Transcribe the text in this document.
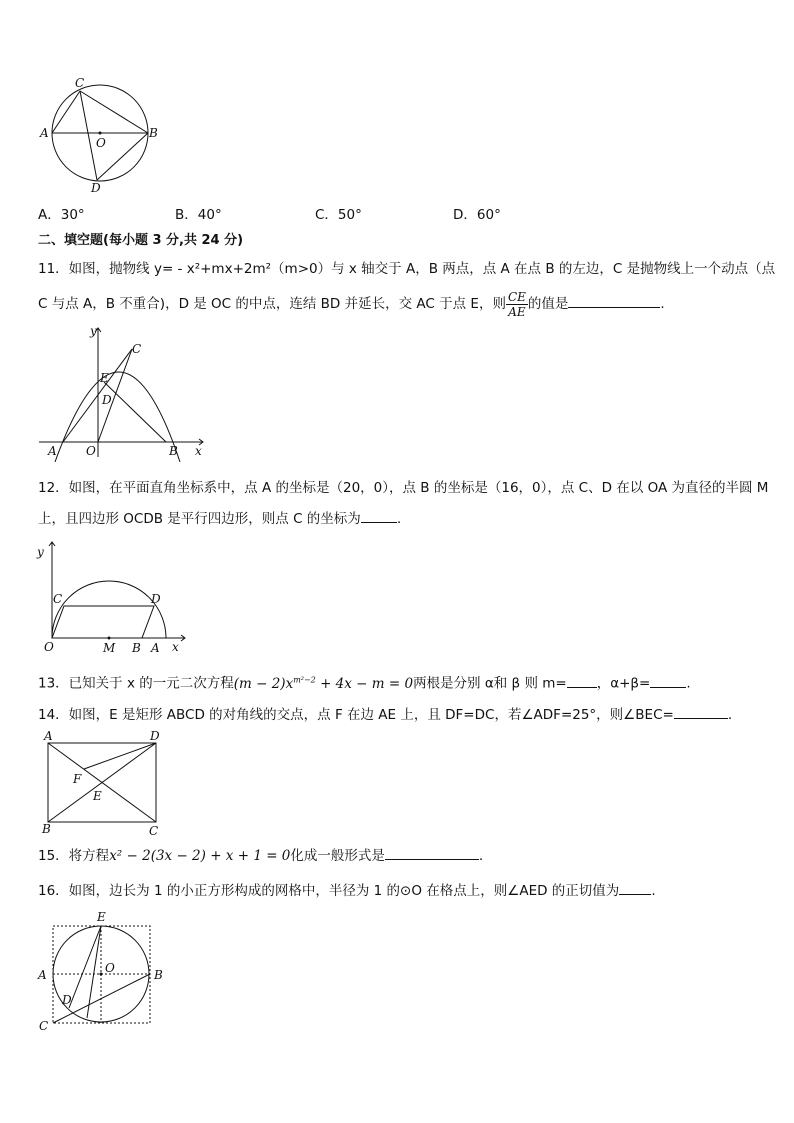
C
A	B
O
D
A．30°	B．40°	C．50°	D．60°
二、填空题(每小题 3 分,共 24 分)
11．如图，抛物线 y= - x²+mx+2m²（m>0）与 x 轴交于 A，B 两点，点 A 在点 B 的左边，C 是抛物线上一个动点（点
C 与点 A，B 不重合)，D 是 OC 的中点，连结 BD 并延长，交 AC 于点 E，则 $\frac{CE}{AE}$ 的值是	.
y
x
A O	B
C
E
D
12．如图，在平面直角坐标系中，点 A 的坐标是（20，0），点 B 的坐标是（16，0），点 C、D 在以 OA 为直径的半圆 M
上，且四边形 OCDB 是平行四边形，则点 C 的坐标为	.
y
x
O	M B A
C	D
13．已知关于 x 的一元二次方程$(m - 2)x^{m^2-2} + 4x - m = 0$两根是分别 α和 β 则 m= ，α+β=	.
14．如图，E 是矩形 ABCD 的对角线的交点，点 F 在边 AE 上，且 DF=DC，若∠ADF=25°，则∠BEC=	.
A	D
B	C
F
E
15．将方程x² − 2(3x − 2) + x + 1 = 0化成一般形式是	.
16．如图，边长为 1 的小正方形构成的网格中，半径为 1 的⊙O 在格点上，则∠AED 的正切值为 .
E
A	O	B
D
C
